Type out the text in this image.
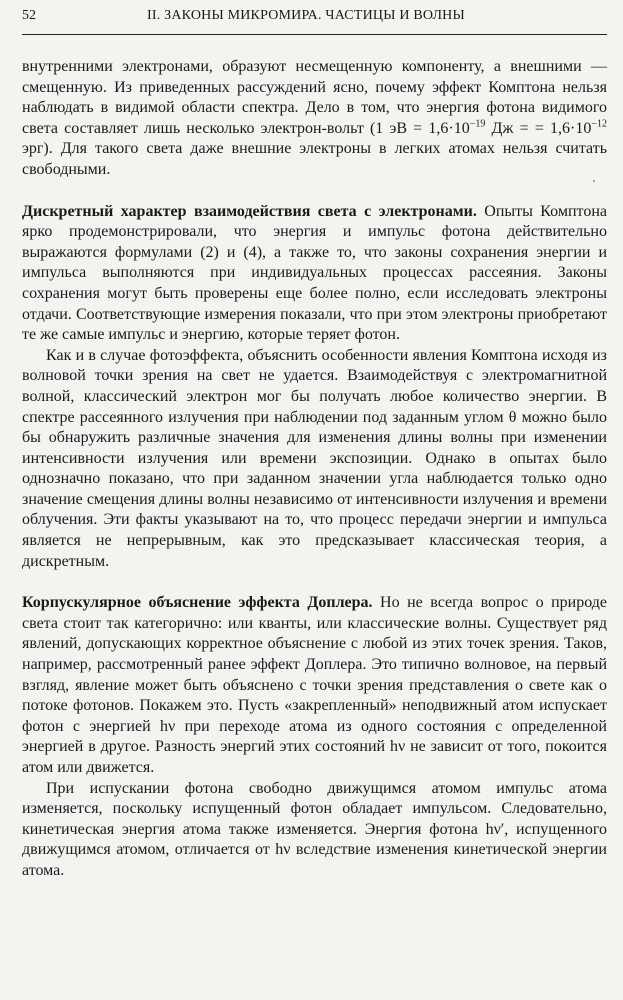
52	II. ЗАКОНЫ МИКРОМИРА. ЧАСТИЦЫ И ВОЛНЫ

внутренними электронами, образуют несмещенную компоненту, а внешними — смещенную. Из приведенных рассуждений ясно, почему эффект Комптона нельзя наблюдать в видимой области спектра. Дело в том, что энергия фотона видимого света составляет лишь несколько электрон-вольт (1 эВ = $1,6\cdot 10^{-19}$ Дж = = $1,6\cdot 10^{-12}$ эрг). Для такого света даже внешние электроны в легких атомах нельзя считать свободными.

Дискретный характер взаимодействия света с электронами. Опыты Комптона ярко продемонстрировали, что энергия и импульс фотона действительно выражаются формулами (2) и (4), а также то, что законы сохранения энергии и импульса выполняются при индивидуальных процессах рассеяния. Законы сохранения могут быть проверены еще более полно, если исследовать электроны отдачи. Соответствующие измерения показали, что при этом электроны приобретают те же самые импульс и энергию, которые теряет фотон.

Как и в случае фотоэффекта, объяснить особенности явления Комптона исходя из волновой точки зрения на свет не удается. Взаимодействуя с электромагнитной волной, классический электрон мог бы получать любое количество энергии. В спектре рассеянного излучения при наблюдении под заданным углом θ можно было бы обнаружить различные значения для изменения длины волны при изменении интенсивности излучения или времени экспозиции. Однако в опытах было однозначно показано, что при заданном значении угла наблюдается только одно значение смещения длины волны независимо от интенсивности излучения и времени облучения. Эти факты указывают на то, что процесс передачи энергии и импульса является не непрерывным, как это предсказывает классическая теория, а дискретным.

Корпускулярное объяснение эффекта Доплера. Но не всегда вопрос о природе света стоит так категорично: или кванты, или классические волны. Существует ряд явлений, допускающих корректное объяснение с любой из этих точек зрения. Таков, например, рассмотренный ранее эффект Доплера. Это типично волновое, на первый взгляд, явление может быть объяснено с точки зрения представления о свете как о потоке фотонов. Покажем это. Пусть «закрепленный» неподвижный атом испускает фотон с энергией hν при переходе атома из одного состояния с определенной энергией в другое. Разность энергий этих состояний hν не зависит от того, покоится атом или движется.

При испускании фотона свободно движущимся атомом импульс атома изменяется, поскольку испущенный фотон обладает импульсом. Следовательно, кинетическая энергия атома также изменяется. Энергия фотона hν′, испущенного движущимся атомом, отличается от hν вследствие изменения кинетической энергии атома.
